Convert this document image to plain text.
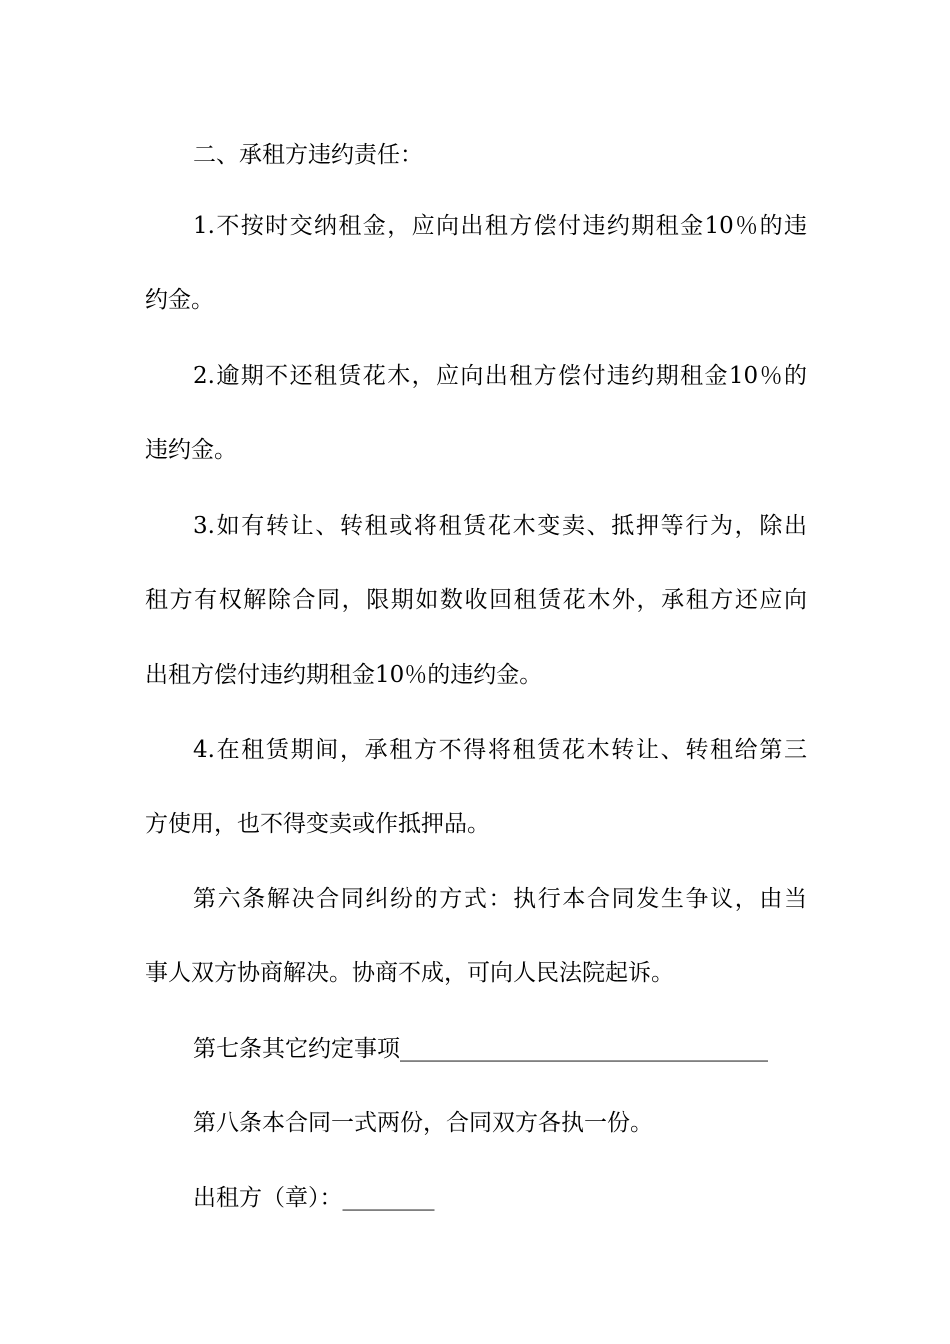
二、承租方违约责任：
1.不按时交纳租金，应向出租方偿付违约期租金10％的违
约金。
2.逾期不还租赁花木，应向出租方偿付违约期租金10％的
违约金。
3.如有转让、转租或将租赁花木变卖、抵押等行为，除出
租方有权解除合同，限期如数收回租赁花木外，承租方还应向
出租方偿付违约期租金10％的违约金。
4.在租赁期间，承租方不得将租赁花木转让、转租给第三
方使用，也不得变卖或作抵押品。
第六条解决合同纠纷的方式：执行本合同发生争议，由当
事人双方协商解决。协商不成，可向人民法院起诉。
第七条其它约定事项________________________________
第八条本合同一式两份，合同双方各执一份。
出租方（章）：________
